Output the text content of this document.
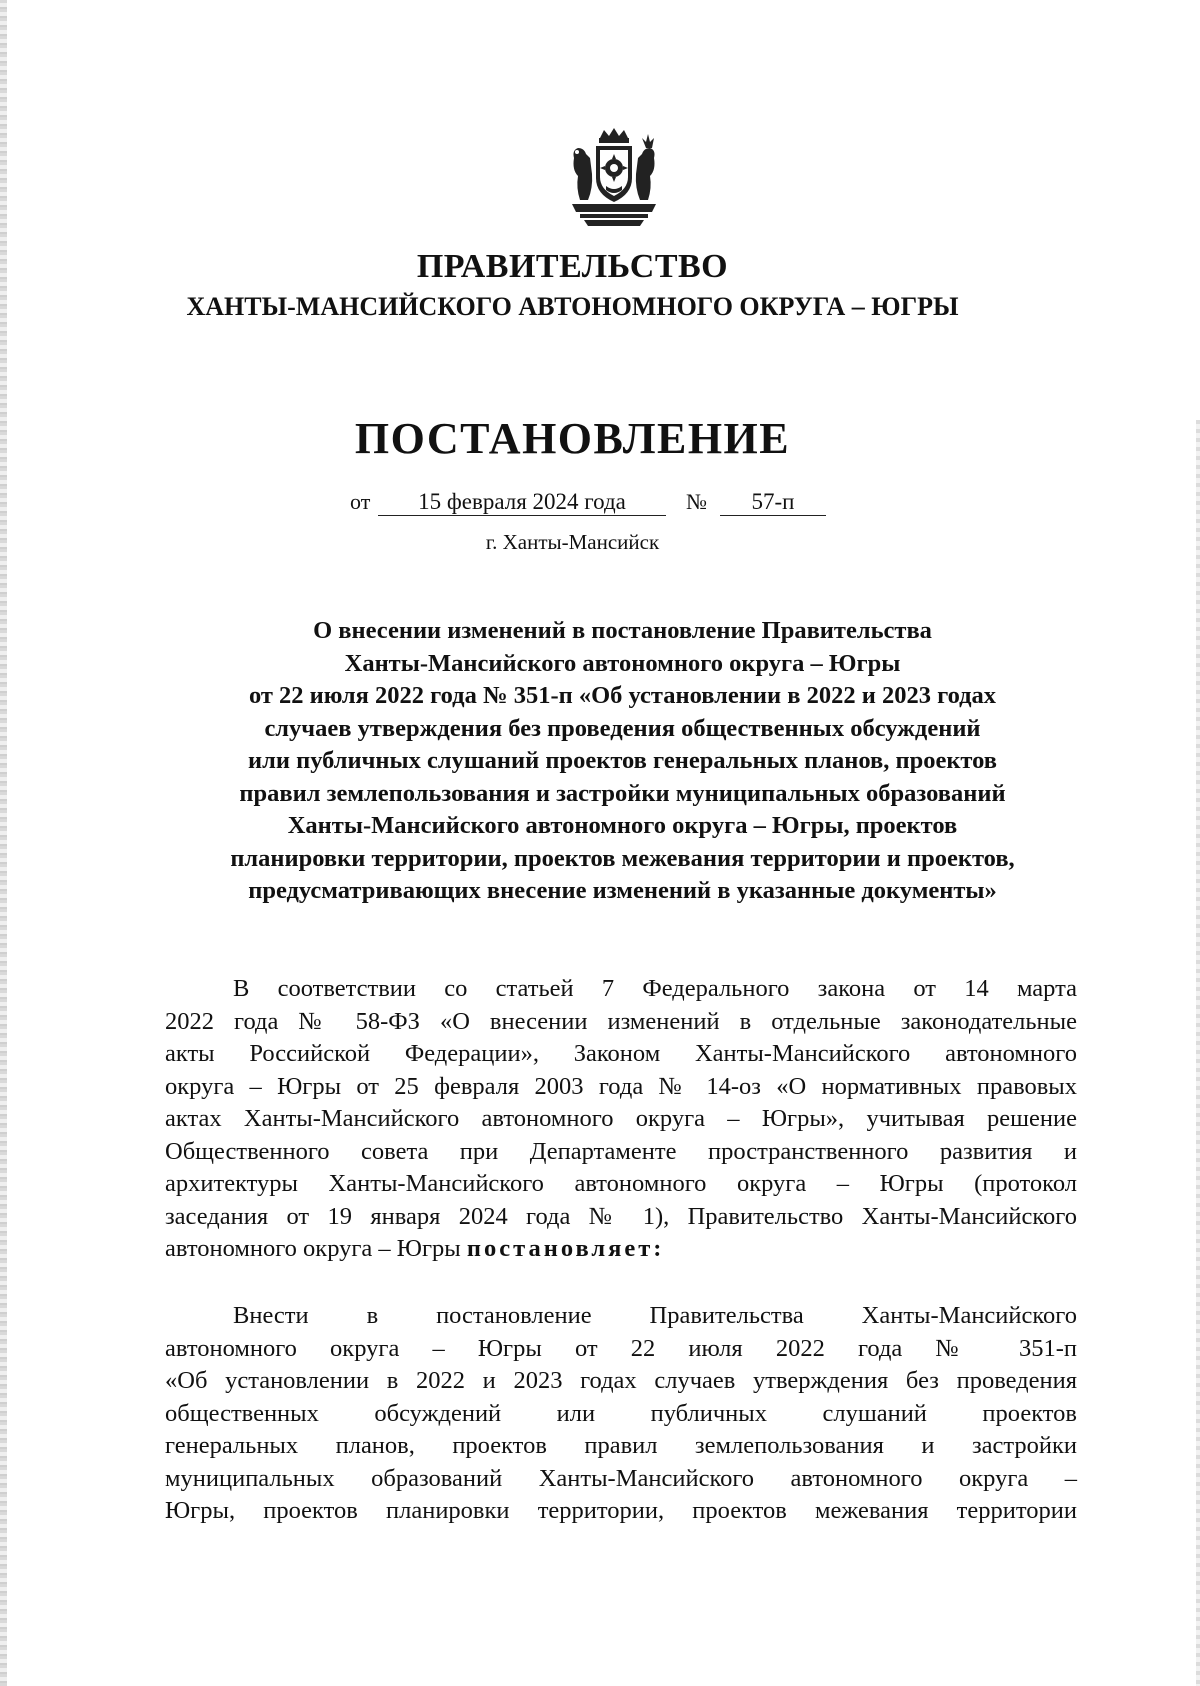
ПРАВИТЕЛЬСТВО
ХАНТЫ-МАНСИЙСКОГО АВТОНОМНОГО ОКРУГА – ЮГРЫ
ПОСТАНОВЛЕНИЕ
от	15 февраля 2024 года	№	57-п
г. Ханты-Мансийск
О внесении изменений в постановление Правительства
Ханты-Мансийского автономного округа – Югры
от 22 июля 2022 года № 351-п «Об установлении в 2022 и 2023 годах
случаев утверждения без проведения общественных обсуждений
или публичных слушаний проектов генеральных планов, проектов
правил землепользования и застройки муниципальных образований
Ханты-Мансийского автономного округа – Югры, проектов
планировки территории, проектов межевания территории и проектов,
предусматривающих внесение изменений в указанные документы»
В соответствии со статьей 7 Федерального закона от 14 марта
2022 года № 58-ФЗ «О внесении изменений в отдельные законодательные
акты Российской Федерации», Законом Ханты-Мансийского автономного
округа – Югры от 25 февраля 2003 года № 14-оз «О нормативных правовых
актах Ханты-Мансийского автономного округа – Югры», учитывая решение
Общественного совета при Департаменте пространственного развития и
архитектуры Ханты-Мансийского автономного округа – Югры (протокол
заседания от 19 января 2024 года № 1), Правительство Ханты-Мансийского
автономного округа – Югры постановляет:
Внести в постановление Правительства Ханты-Мансийского
автономного округа – Югры от 22 июля 2022 года № 351-п
«Об установлении в 2022 и 2023 годах случаев утверждения без проведения
общественных обсуждений или публичных слушаний проектов
генеральных планов, проектов правил землепользования и застройки
муниципальных образований Ханты-Мансийского автономного округа –
Югры, проектов планировки территории, проектов межевания территории
